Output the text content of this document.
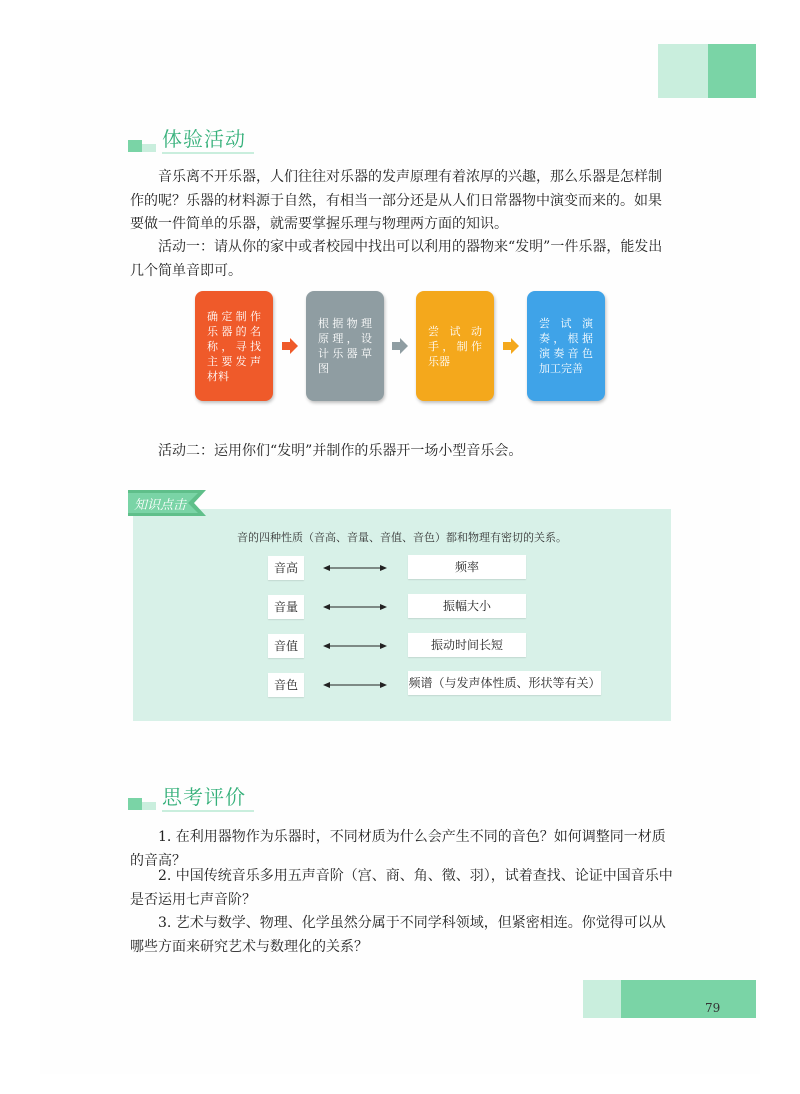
体验活动

音乐离不开乐器，人们往往对乐器的发声原理有着浓厚的兴趣，那么乐器是怎样制作的呢？乐器的材料源于自然，有相当一部分还是从人们日常器物中演变而来的。如果要做一件简单的乐器，就需要掌握乐理与物理两方面的知识。

活动一：请从你的家中或者校园中找出可以利用的器物来“发明”一件乐器，能发出几个简单音即可。

确定制作乐器的名称，寻找主要发声材料
根据物理原理，设计乐器草图
尝试动手，制作乐器
尝试演奏，根据演奏音色加工完善

活动二：运用你们“发明”并制作的乐器开一场小型音乐会。

音的四种性质（音高、音量、音值、音色）都和物理有密切的关系。
音高	频率
音量	振幅大小
音值	振动时间长短
音色	频谱（与发声体性质、形状等有关）
知识点击
思考评价

1. 在利用器物作为乐器时，不同材质为什么会产生不同的音色？如何调整同一材质的音高？

2. 中国传统音乐多用五声音阶（宫、商、角、徵、羽），试着查找、论证中国音乐中是否运用七声音阶？

3. 艺术与数学、物理、化学虽然分属于不同学科领域，但紧密相连。你觉得可以从哪些方面来研究艺术与数理化的关系？

79
